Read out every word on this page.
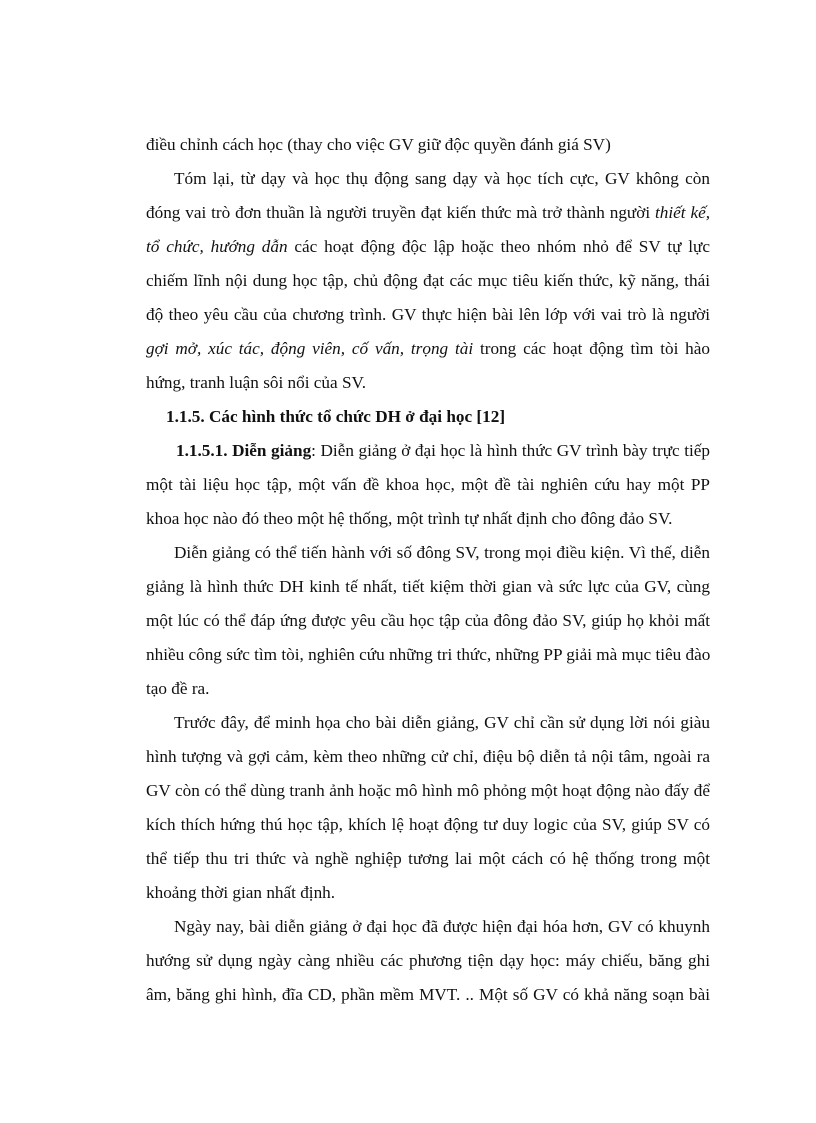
điều chỉnh cách học (thay cho việc GV giữ độc quyền đánh giá SV)
Tóm lại, từ dạy và học thụ động sang dạy và học tích cực, GV không còn
đóng vai trò đơn thuần là người truyền đạt kiến thức mà trở thành người thiết kế,
tổ chức, hướng dẫn các hoạt động độc lập hoặc theo nhóm nhỏ để SV tự lực
chiếm lĩnh nội dung học tập, chủ động đạt các mục tiêu kiến thức, kỹ năng, thái
độ theo yêu cầu của chương trình. GV thực hiện bài lên lớp với vai trò là người
gợi mở, xúc tác, động viên, cố vấn, trọng tài trong các hoạt động tìm tòi hào
hứng, tranh luận sôi nổi của SV.
1.1.5. Các hình thức tổ chức DH ở đại học [12]
1.1.5.1. Diễn giảng: Diễn giảng ở đại học là hình thức GV trình bày trực tiếp
một tài liệu học tập, một vấn đề khoa học, một đề tài nghiên cứu hay một PP
khoa học nào đó theo một hệ thống, một trình tự nhất định cho đông đảo SV.
Diễn giảng có thể tiến hành với số đông SV, trong mọi điều kiện. Vì thế, diễn
giảng là hình thức DH kinh tế nhất, tiết kiệm thời gian và sức lực của GV, cùng
một lúc có thể đáp ứng được yêu cầu học tập của đông đảo SV, giúp họ khỏi mất
nhiều công sức tìm tòi, nghiên cứu những tri thức, những PP giải mà mục tiêu đào
tạo đề ra.
Trước đây, để minh họa cho bài diễn giảng, GV chỉ cần sử dụng lời nói giàu
hình tượng và gợi cảm, kèm theo những cử chỉ, điệu bộ diễn tả nội tâm, ngoài ra
GV còn có thể dùng tranh ảnh hoặc mô hình mô phỏng một hoạt động nào đấy để
kích thích hứng thú học tập, khích lệ hoạt động tư duy logic của SV, giúp SV có
thể tiếp thu tri thức và nghề nghiệp tương lai một cách có hệ thống trong một
khoảng thời gian nhất định.
Ngày nay, bài diễn giảng ở đại học đã được hiện đại hóa hơn, GV có khuynh
hướng sử dụng ngày càng nhiều các phương tiện dạy học: máy chiếu, băng ghi
âm, băng ghi hình, đĩa CD, phần mềm MVT. .. Một số GV có khả năng soạn bài
